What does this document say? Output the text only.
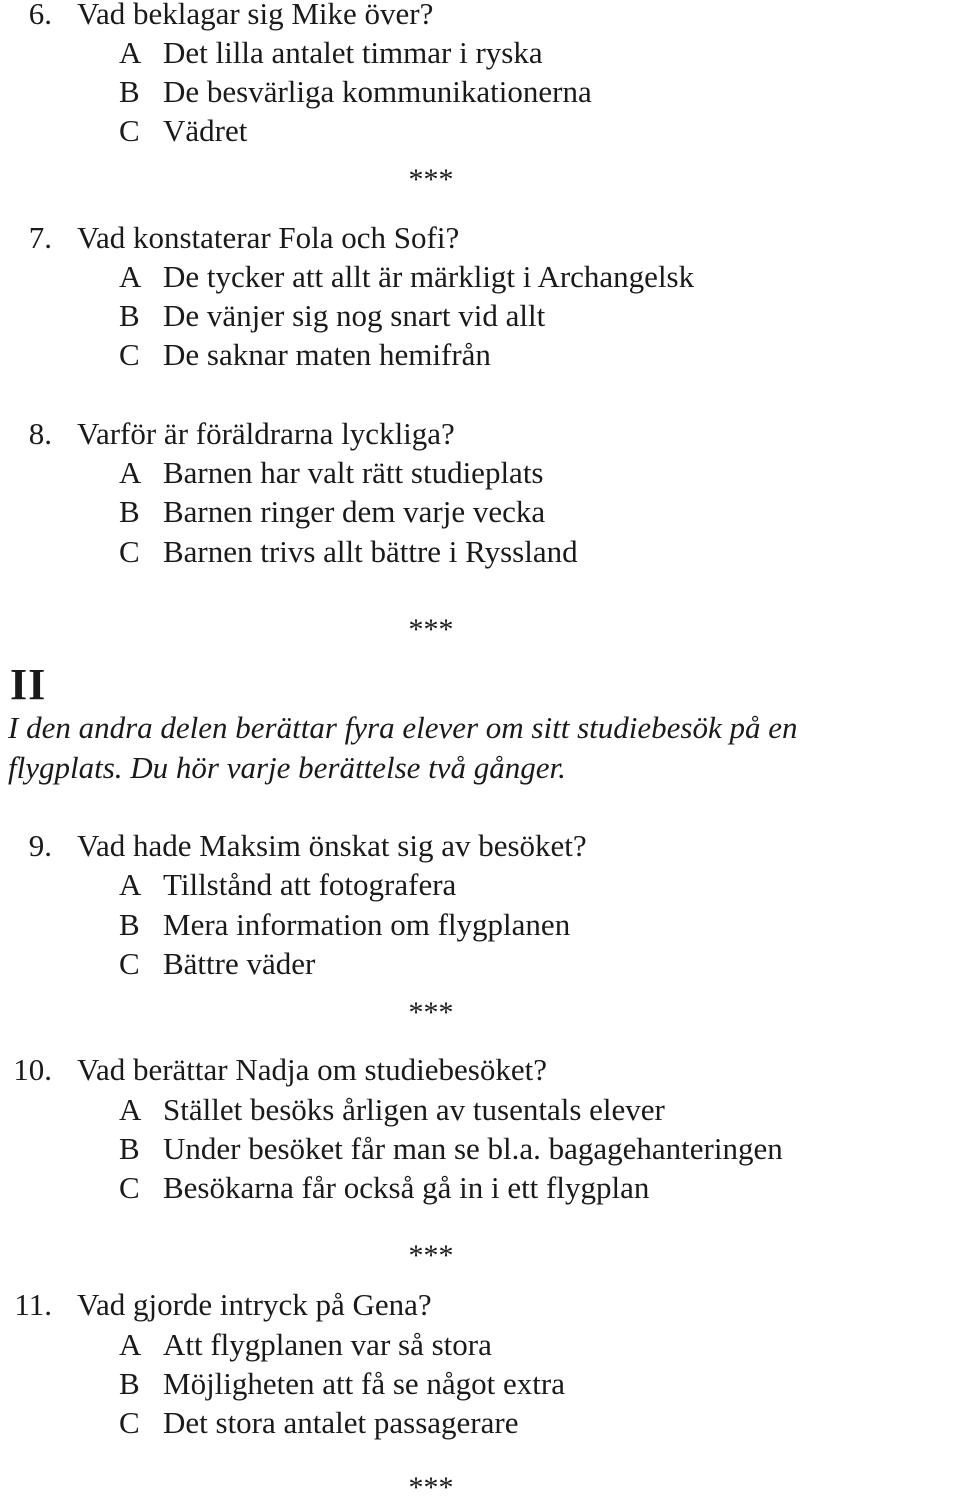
6. Vad beklagar sig Mike över?
A Det lilla antalet timmar i ryska
B De besvärliga kommunikationerna
C Vädret
***
7. Vad konstaterar Fola och Sofi?
A De tycker att allt är märkligt i Archangelsk
B De vänjer sig nog snart vid allt
C De saknar maten hemifrån
8. Varför är föräldrarna lyckliga?
A Barnen har valt rätt studieplats
B Barnen ringer dem varje vecka
C Barnen trivs allt bättre i Ryssland
***
II
I den andra delen berättar fyra elever om sitt studiebesök på en
flygplats. Du hör varje berättelse två gånger.
9. Vad hade Maksim önskat sig av besöket?
A Tillstånd att fotografera
B Mera information om flygplanen
C Bättre väder
***
10. Vad berättar Nadja om studiebesöket?
A Stället besöks årligen av tusentals elever
B Under besöket får man se bl.a. bagagehanteringen
C Besökarna får också gå in i ett flygplan
***
11. Vad gjorde intryck på Gena?
A Att flygplanen var så stora
B Möjligheten att få se något extra
C Det stora antalet passagerare
***
